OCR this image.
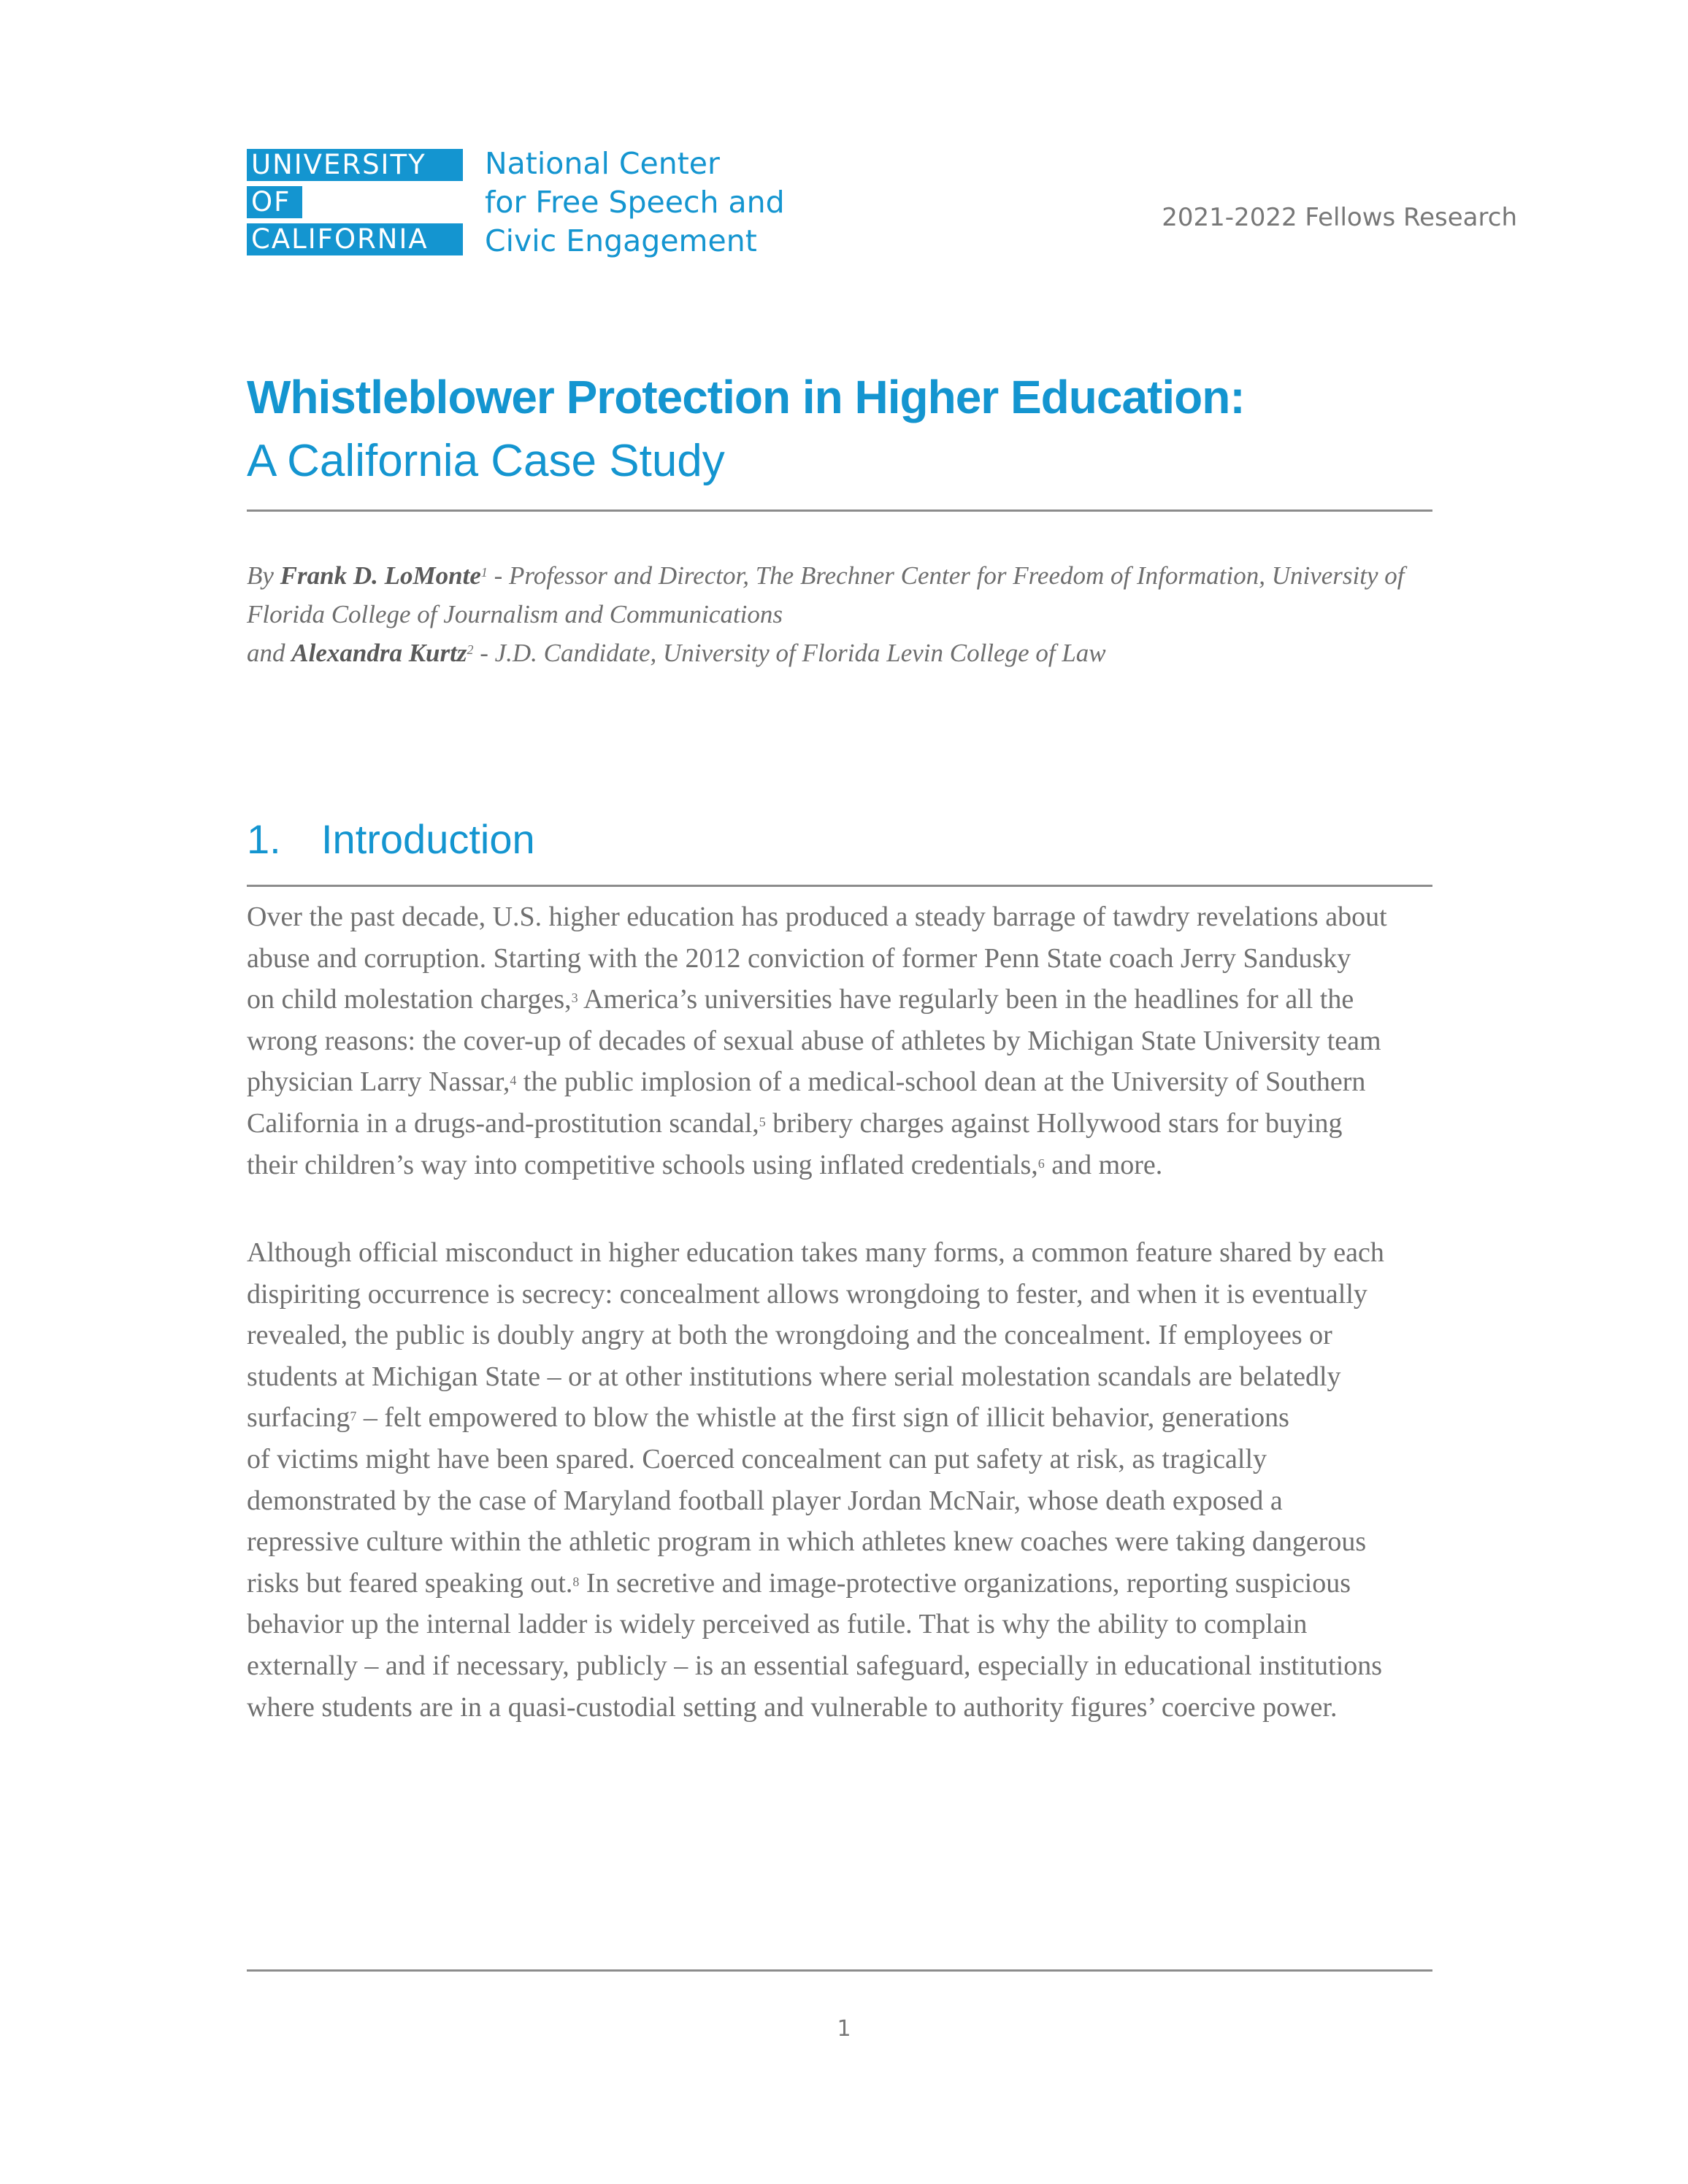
UNIVERSITY
OF
CALIFORNIA
National Center
for Free Speech and
Civic Engagement
2021-2022 Fellows Research
Whistleblower Protection in Higher Education:
A California Case Study
By Frank D. LoMonte$^1$ - Professor and Director, The Brechner Center for Freedom of Information, University of
Florida College of Journalism and Communications
and Alexandra Kurtz$^2$ - J.D. Candidate, University of Florida Levin College of Law
1. Introduction
Over the past decade, U.S. higher education has produced a steady barrage of tawdry revelations about
abuse and corruption. Starting with the 2012 conviction of former Penn State coach Jerry Sandusky
on child molestation charges,$^3$ America’s universities have regularly been in the headlines for all the
wrong reasons: the cover-up of decades of sexual abuse of athletes by Michigan State University team
physician Larry Nassar,$^4$ the public implosion of a medical-school dean at the University of Southern
California in a drugs-and-prostitution scandal,$^5$ bribery charges against Hollywood stars for buying
their children’s way into competitive schools using inflated credentials,$^6$ and more.
Although official misconduct in higher education takes many forms, a common feature shared by each
dispiriting occurrence is secrecy: concealment allows wrongdoing to fester, and when it is eventually
revealed, the public is doubly angry at both the wrongdoing and the concealment. If employees or
students at Michigan State – or at other institutions where serial molestation scandals are belatedly
surfacing$^7$ – felt empowered to blow the whistle at the first sign of illicit behavior, generations
of victims might have been spared. Coerced concealment can put safety at risk, as tragically
demonstrated by the case of Maryland football player Jordan McNair, whose death exposed a
repressive culture within the athletic program in which athletes knew coaches were taking dangerous
risks but feared speaking out.$^8$ In secretive and image-protective organizations, reporting suspicious
behavior up the internal ladder is widely perceived as futile. That is why the ability to complain
externally – and if necessary, publicly – is an essential safeguard, especially in educational institutions
where students are in a quasi-custodial setting and vulnerable to authority figures’ coercive power.
1
